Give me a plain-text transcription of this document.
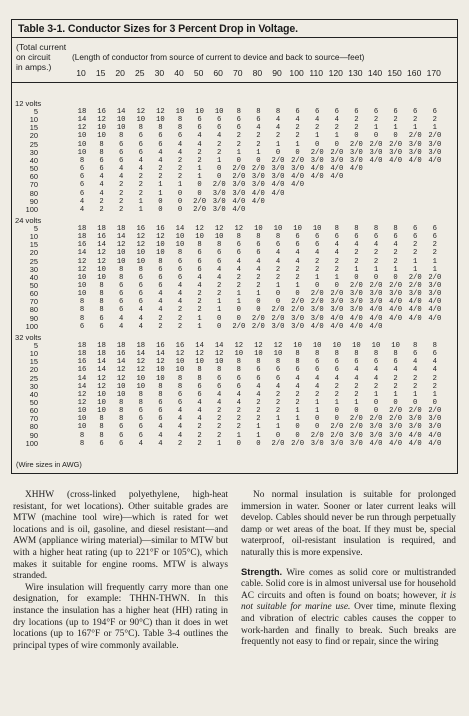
Table 3-1. Conductor Sizes for 3 Percent Drop in Voltage.
(Total current
on circuit
in amps.)
(Length of conductor from source of current to device and back to source—feet)
10	15	20	25	30	40	50	60	70	80	90 100 110 120 130 140 150 160 170
12 volts
5	18	16	14	12	12	10	10	10	8	8	8	6	6	6	6	6	6	6	6
10	14	12	10	10	10	8	6	6	6	6	4	4	4	4	2	2	2	2	2
15	12	10	10	8	8	8	6	6	6	4	4	2	2	2	2	1	1	1	1
20	10	10	8	6	6	6	4	4	2	2	2	2	1	1	0	0	0	2/0 2/0
25	10	8	6	6	6	4	4	2	2	2	1	1	0	0	2/0 2/0 2/0 3/0 3/0
30	10	8	6	6	4	4	2	2	1	1	0	0	2/0 2/0 3/0 3/0 3/0 3/0 3/0
40	8	6	6	4	4	2	2	1	0	0	2/0 2/0 3/0 3/0 3/0 4/0 4/0 4/0 4/0
50	6	6	4	4	2	2	1	0	2/0 2/0 3/0 3/0 4/0 4/0 4/0
60	6	4	4	2	2	2	1	0	2/0 3/0 3/0 4/0 4/0 4/0
70	6	4	2	2	1	1	0	2/0 3/0 3/0 4/0 4/0
80	6	4	2	2	1	0	0	3/0 3/0 4/0 4/0
90	4	2	2	1	0	0	2/0 3/0 4/0 4/0
100	4	2	2	1	0	0	2/0 3/0 4/0
24 volts
5	18	18	18	16	16	14	12	12	12	10	10	10	10	8	8	8	8	6	6
10	18	16	14	12	12	10	10	10	8	8	8	6	6	6	6	6	6	6	6
15	16	14	12	12	10	10	8	8	6	6	6	6	6	4	4	4	4	2	2
20	14	12	10	10	10	8	6	6	6	6	4	4	4	4	2	2	2	2	2
25	12	12	10	10	8	6	6	6	4	4	4	4	2	2	2	2	2	1	1
30	12	10	8	8	6	6	6	4	4	4	2	2	2	2	1	1	1	1	1
40	10	10	8	6	6	6	4	4	2	2	2	2	1	1	0	0	0	2/0 2/0
50	10	8	6	6	6	4	4	2	2	2	1	1	0	0	2/0 2/0 2/0 2/0 3/0
60	10	8	6	6	4	4	2	2	1	1	0	0	2/0 2/0 3/0 3/0 3/0 3/0 3/0
70	8	8	6	6	4	4	2	1	1	0	0	2/0 2/0 3/0 3/0 3/0 4/0 4/0 4/0
80	8	8	6	4	4	2	2	1	0	0	2/0 2/0 3/0 3/0 3/0 4/0 4/0 4/0 4/0
90	8	6	4	4	2	2	1	0	0	2/0 2/0 3/0 3/0 4/0 4/0 4/0 4/0 4/0 4/0
100	6	6	4	4	2	2	1	0	2/0 2/0 3/0 3/0 4/0 4/0 4/0 4/0
32 volts
5	18	18	18	18	16	16	14	14	12	12	12	10	10	10	10	10	10	8	8
10	18	18	16	14	14	12	12	12	10	10	10	8	8	8	8	8	8	6	6
15	16	14	14	12	12	10	10	10	8	8	8	8	6	6	6	6	6	4	4
20	16	14	12	12	10	10	8	8	8	6	6	6	6	6	4	4	4	4	4
25	14	12	12	10	10	8	8	6	6	6	6	4	4	4	4	4	2	2	2
30	14	12	10	10	8	8	6	6	6	4	4	4	4	2	2	2	2	2	2
40	12	10	10	8	8	6	6	4	4	4	2	2	2	2	2	1	1	1	1
50	12	10	8	8	6	6	4	4	4	2	2	2	1	1	1	0	0	0	0
60	10	10	8	6	6	4	4	2	2	2	2	1	1	0	0	0	2/0 2/0 2/0
70	10	8	8	6	6	4	4	2	2	2	1	1	0	0	2/0 2/0 2/0 3/0 3/0
80	10	8	6	6	4	4	2	2	2	1	1	0	0	2/0 2/0 3/0 3/0 3/0 3/0
90	8	8	6	6	4	4	2	2	1	1	0	0	2/0 2/0 3/0 3/0 3/0 4/0 4/0
100	8	6	6	4	4	2	2	1	0	0	2/0 2/0 3/0 3/0 3/0 4/0 4/0 4/0 4/0
(Wire sizes in AWG)

XHHW (cross-linked polyethylene, high-heat resistant, for wet locations). Other suitable grades are MTW (machine tool wire)—which is rated for wet locations and is oil, gasoline, and diesel resistant—and AWM (appliance wiring material)—similar to MTW but with a higher heat rating (up to 221°F or 105°C), which makes it suitable for engine rooms. MTW is always stranded.

Wire insulation will frequently carry more than one designation, for example: THHN-THWN. In this instance the insulation has a higher heat (HH) rating in dry locations (up to 194°F or 90°C) than it does in wet locations (up to 167°F or 75°C). Table 3-4 outlines the principal types of wire commonly available.

No normal insulation is suitable for prolonged immersion in water. Sooner or later current leaks will develop. Cables should never be run through perpetually damp or wet areas of the boat. If they must be, special waterproof, oil-resistant insulation is required, and naturally this is more expensive.

Strength. Wire comes as solid core or multistranded cable. Solid core is in almost universal use for household AC circuits and often is found on boats; however, it is not suitable for marine use. Over time, minute flexing and vibration of electric cables causes the copper to work-harden and finally to break. Such breaks are frequently not easy to find or repair, since the wiring
